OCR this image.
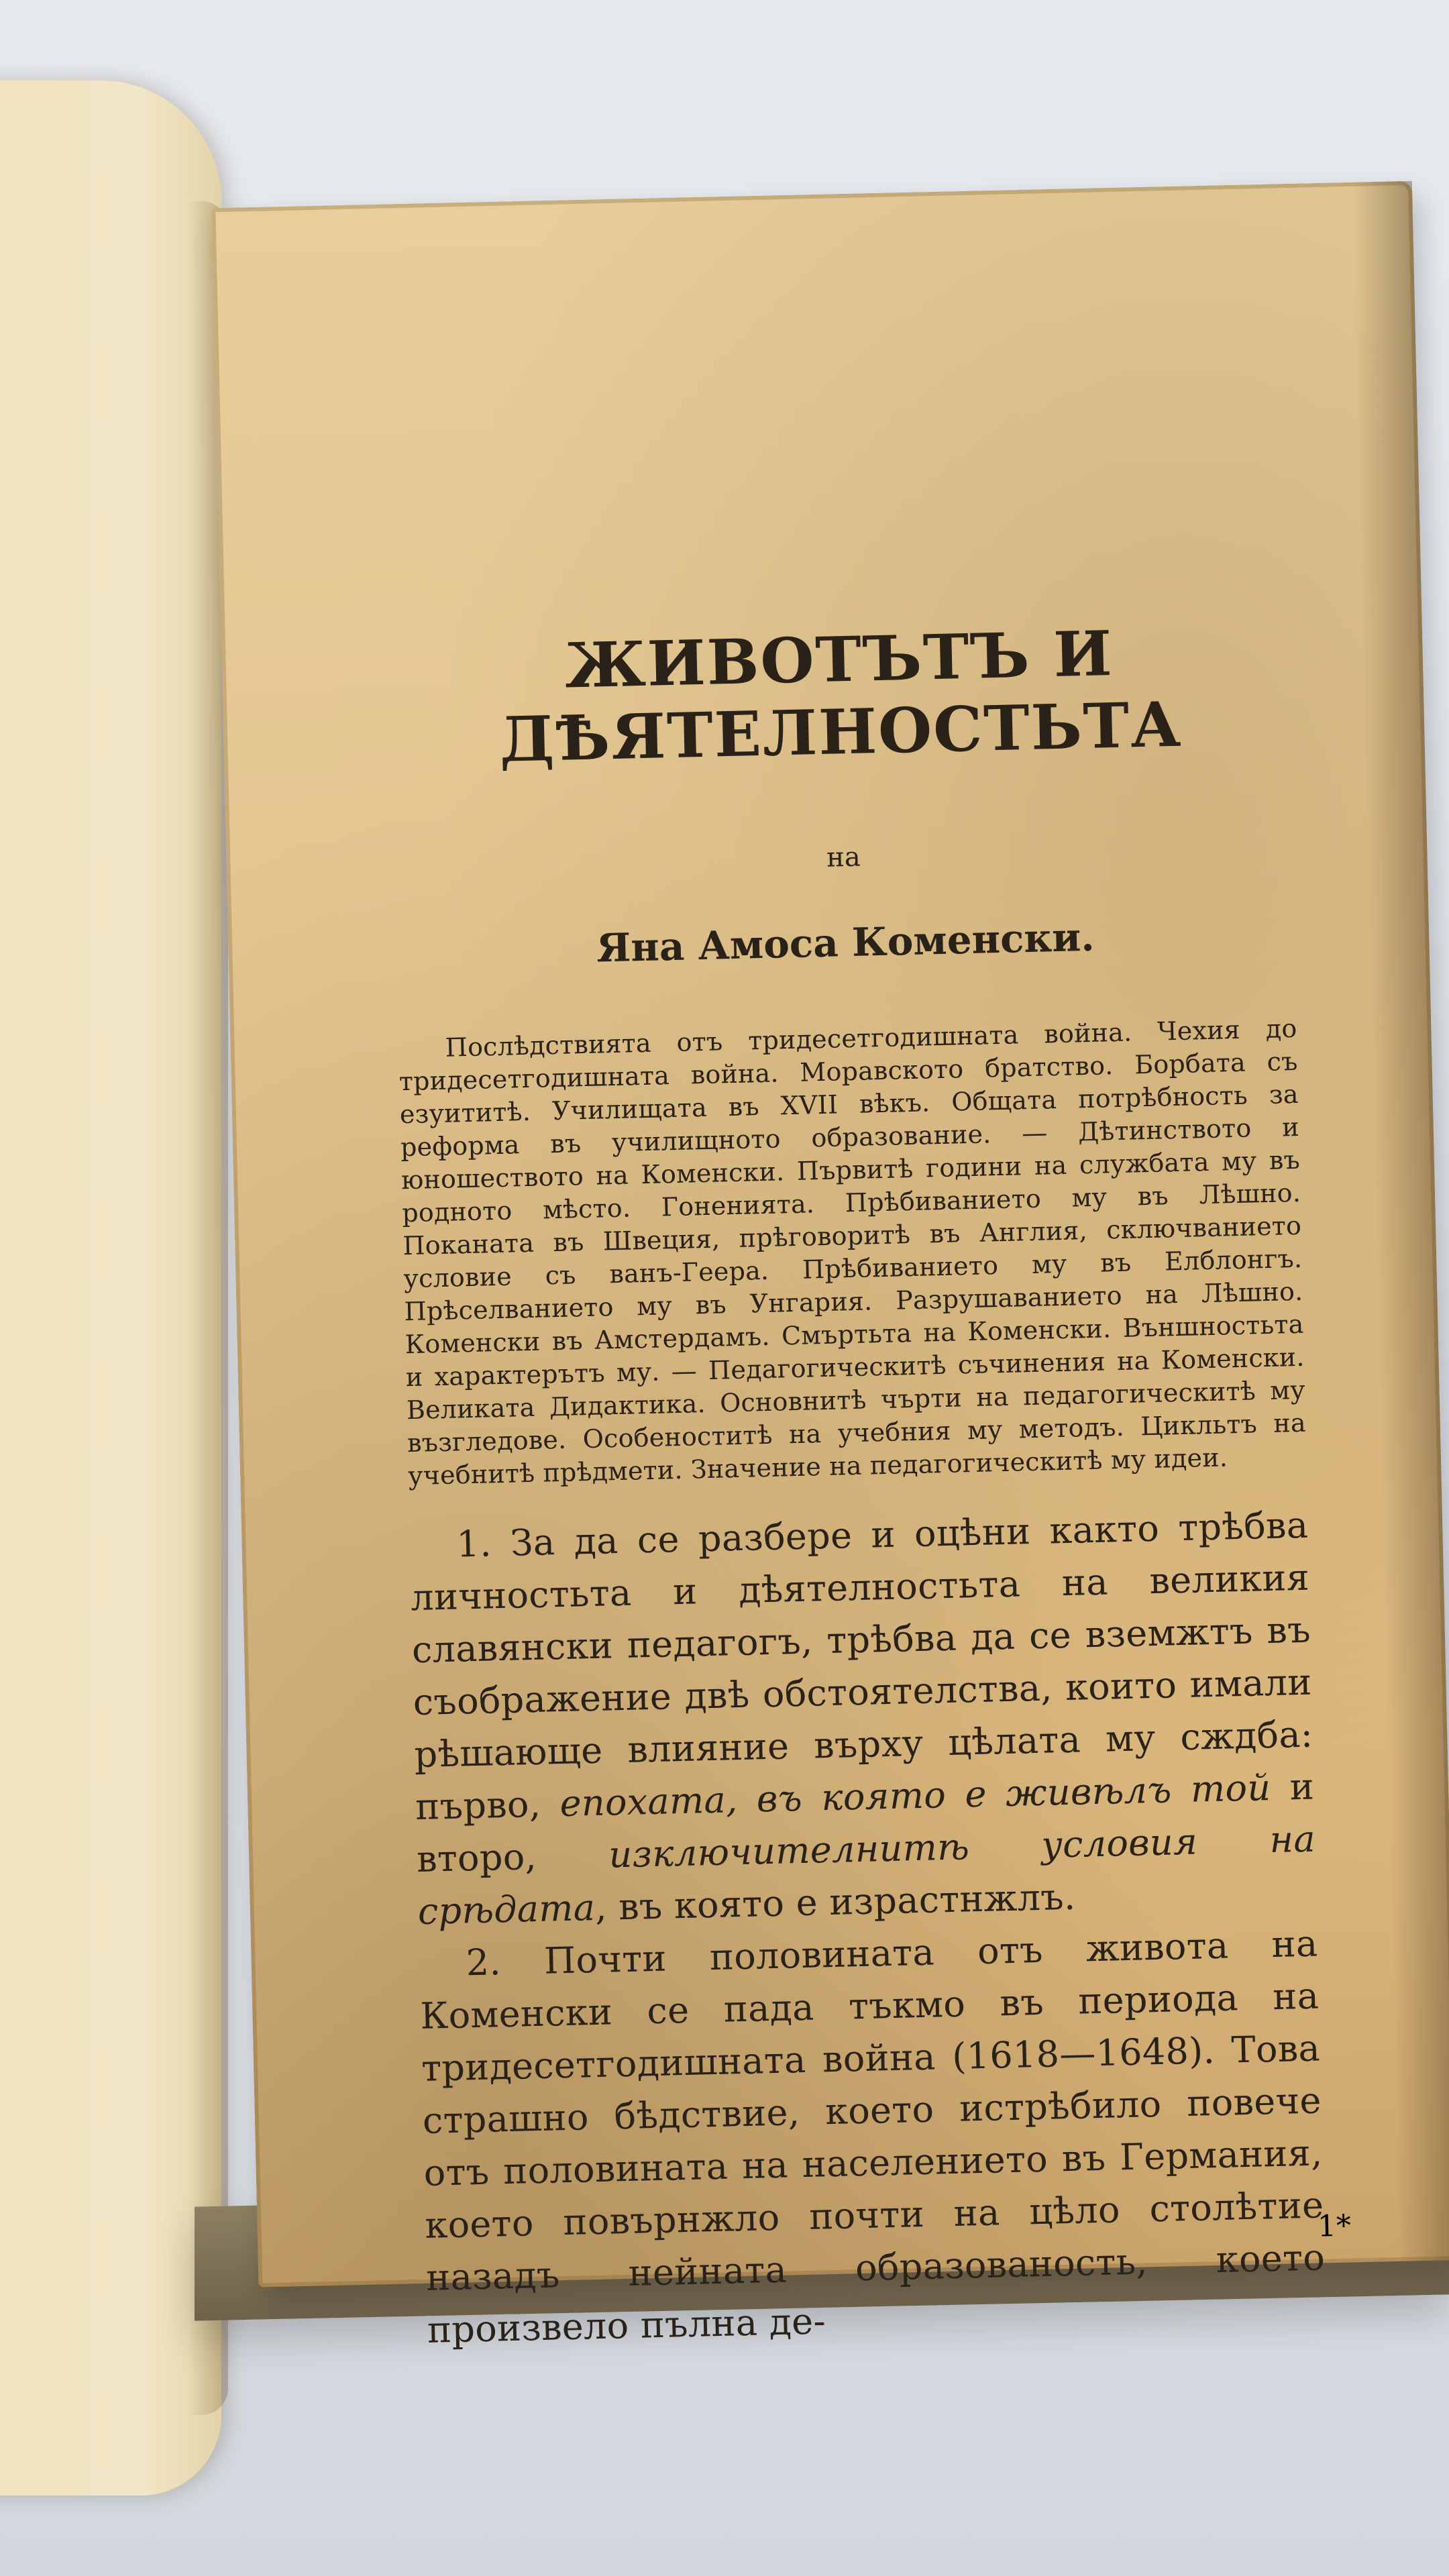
ЖИВОТЪТЪ И ДѢЯТЕЛНОСТЬТА
на
Яна Амоса Коменски.

Послѣдствията отъ тридесетгодишната война. Чехия до тридесетгодишната война. Моравското братство. Борбата съ езуититѣ. Училищата въ XVII вѣкъ. Общата потрѣбность за реформа въ училищното образование. — Дѣтинството и юношеството на Коменски. Първитѣ години на службата му въ родното мѣсто. Гоненията. Прѣбиванието му въ Лѣшно. Поканата въ Швеция, прѣговоритѣ въ Англия, сключванието условие съ ванъ-Геера. Прѣбиванието му въ Елблонгъ. Прѣселванието му въ Унгария. Разрушаванието на Лѣшно. Коменски въ Амстердамъ. Смъртьта на Коменски. Външностьта и характерътъ му. — Педагогическитѣ съчинения на Коменски. Великата Дидактика. Основнитѣ чърти на педагогическитѣ му възгледове. Особеноститѣ на учебния му методъ. Цикльтъ на учебнитѣ прѣдмети. Значение на педагогическитѣ му идеи.

1. За да се разбере и оцѣни както трѣбва личностьта и дѣятелностьта на великия славянски педагогъ, трѣбва да се вземжтъ въ съображение двѣ обстоятелства, които имали рѣшающе влияние върху цѣлата му сждба: първо, епохата, въ която е живѣлъ той и второ, изключителнитѣ условия на срѣдата, въ която е израстнжлъ.

2. Почти половината отъ живота на Коменски се пада тъкмо въ периода на тридесетгодишната война (1618—1648). Това страшно бѣдствие, което истрѣбило повече отъ половината на населението въ Германия, което повърнжло почти на цѣло столѣтие назадъ нейната образованость, което произвело пълна де-

1*
